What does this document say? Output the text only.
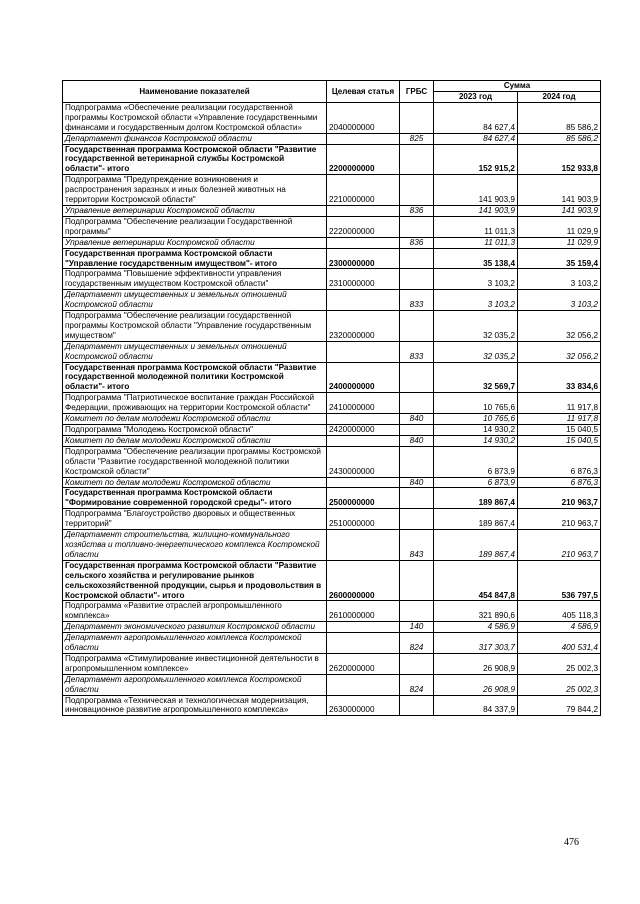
Наименование показателей	Целевая статья	ГРБС	Сумма	
			2023 год	2024 год
Подпрограмма «Обеспечение реализации государственной программы Костромской области «Управление государственными финансами и государственным долгом Костромской области»	2040000000		84 627,4	85 586,2
Департамент финансов Костромской области		825	84 627,4	85 586,2
Государственная программа Костромской области "Развитие государственной ветеринарной службы Костромской области"- итого	2200000000		152 915,2	152 933,8
Подпрограмма "Предупреждение возникновения и распространения заразных и иных болезней животных на территории Костромской области"	2210000000		141 903,9	141 903,9
Управление ветеринарии Костромской области		836	141 903,9	141 903,9
Подпрограмма "Обеспечение реализации Государственной программы"	2220000000		11 011,3	11 029,9
Управление ветеринарии Костромской области		836	11 011,3	11 029,9
Государственная программа Костромской области "Управление государственным имуществом"- итого	2300000000		35 138,4	35 159,4
Подпрограмма "Повышение эффективности управления государственным имуществом Костромской области"	2310000000		3 103,2	3 103,2
Департамент имущественных и земельных отношений Костромской области		833	3 103,2	3 103,2
Подпрограмма "Обеспечение реализации государственной программы Костромской области "Управление государственным имуществом"	2320000000		32 035,2	32 056,2
Департамент имущественных и земельных отношений Костромской области		833	32 035,2	32 056,2
Государственная программа Костромской области "Развитие государственной молодежной политики Костромской области"- итого	2400000000		32 569,7	33 834,6
Подпрограмма "Патриотическое воспитание граждан Российской Федерации, проживающих на территории Костромской области"	2410000000		10 765,6	11 917,8
Комитет по делам молодежи Костромской области		840	10 765,6	11 917,8
Подпрограмма "Молодежь Костромской области"	2420000000		14 930,2	15 040,5
Комитет по делам молодежи Костромской области		840	14 930,2	15 040,5
Подпрограмма "Обеспечение реализации программы Костромской области "Развитие государственной молодежной политики Костромской области"	2430000000		6 873,9	6 876,3
Комитет по делам молодежи Костромской области		840	6 873,9	6 876,3
Государственная программа Костромской области "Формирование современной городской среды"- итого	2500000000		189 867,4	210 963,7
Подпрограмма "Благоустройство дворовых и общественных территорий"	2510000000		189 867,4	210 963,7
Департамент строительства, жилищно-коммунального хозяйства и топливно-энергетического комплекса Костромской области		843	189 867,4	210 963,7
Государственная программа Костромской области "Развитие сельского хозяйства и регулирование рынков сельскохозяйственной продукции, сырья и продовольствия в Костромской области"- итого	2600000000		454 847,8	536 797,5
Подпрограмма «Развитие отраслей агропромышленного комплекса»	2610000000		321 890,6	405 118,3
Департамент экономического развития Костромской области		140	4 586,9	4 586,9
Департамент агропромышленного комплекса Костромской области		824	317 303,7	400 531,4
Подпрограмма «Стимулирование инвестиционной деятельности в агропромышленном комплексе»	2620000000		26 908,9	25 002,3
Департамент агропромышленного комплекса Костромской области		824	26 908,9	25 002,3
Подпрограмма «Техническая и технологическая модернизация, инновационное развитие агропромышленного комплекса»	2630000000		84 337,9	79 844,2
476
